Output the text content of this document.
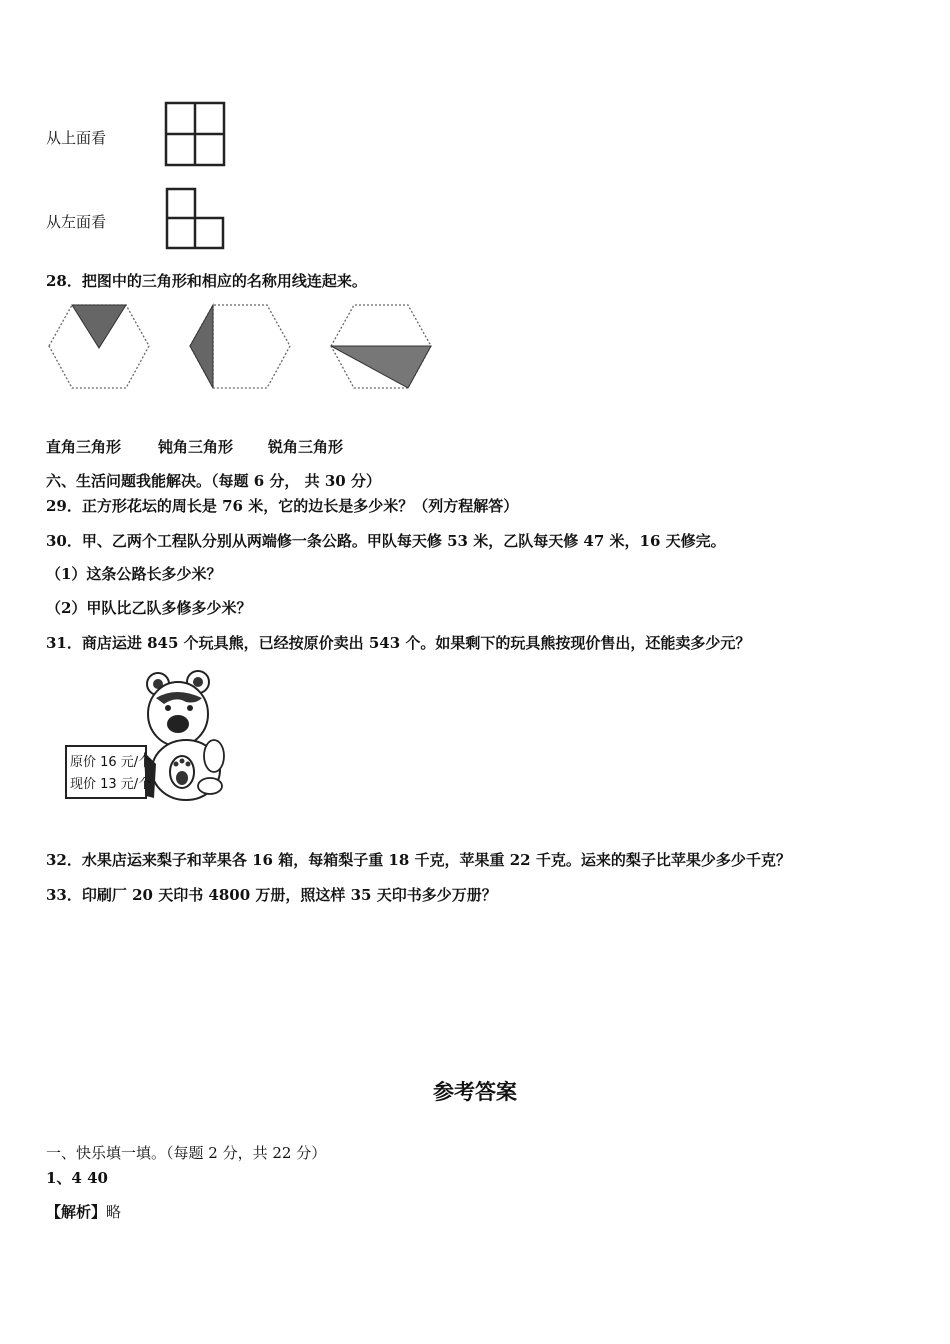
从上面看
从左面看
28．把图中的三角形和相应的名称用线连起来。
直角三角形 钝角三角形 锐角三角形
六、生活问题我能解决。（每题 6 分， 共 30 分）
29．正方形花坛的周长是 76 米，它的边长是多少米？（列方程解答）
30．甲、乙两个工程队分别从两端修一条公路。甲队每天修 53 米，乙队每天修 47 米，16 天修完。
（1）这条公路长多少米？
（2）甲队比乙队多修多少米？
31．商店运进 845 个玩具熊，已经按原价卖出 543 个。如果剩下的玩具熊按现价售出，还能卖多少元？
原价 16 元/个
现价 13 元/个
32．水果店运来梨子和苹果各 16 箱，每箱梨子重 18 千克，苹果重 22 千克。运来的梨子比苹果少多少千克？
33．印刷厂 20 天印书 4800 万册，照这样 35 天印书多少万册？
参考答案
一、快乐填一填。（每题 2 分，共 22 分）
1、4 40
【解析】略
